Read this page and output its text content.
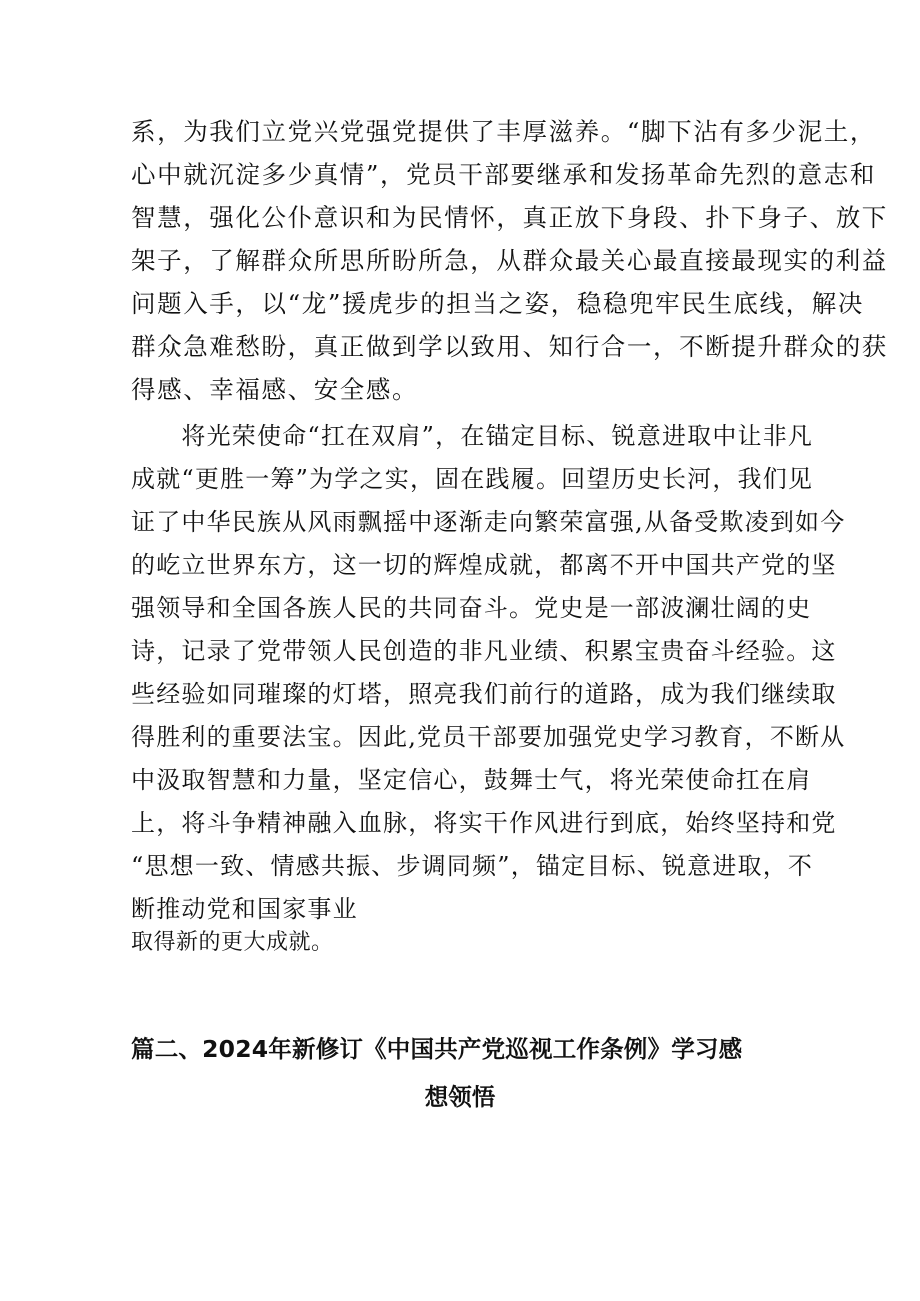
系，为我们立党兴党强党提供了丰厚滋养。“脚下沾有多少泥土，
心中就沉淀多少真情”，党员干部要继承和发扬革命先烈的意志和
智慧，强化公仆意识和为民情怀，真正放下身段、扑下身子、放下
架子，了解群众所思所盼所急，从群众最关心最直接最现实的利益
问题入手，以“龙”援虎步的担当之姿，稳稳兜牢民生底线，解决
群众急难愁盼，真正做到学以致用、知行合一，不断提升群众的获
得感、幸福感、安全感。
　　将光荣使命“扛在双肩”，在锚定目标、锐意进取中让非凡
成就“更胜一筹”为学之实，固在践履。回望历史长河，我们见
证了中华民族从风雨飘摇中逐渐走向繁荣富强,从备受欺凌到如今
的屹立世界东方，这一切的辉煌成就，都离不开中国共产党的坚
强领导和全国各族人民的共同奋斗。党史是一部波澜壮阔的史
诗，记录了党带领人民创造的非凡业绩、积累宝贵奋斗经验。这
些经验如同璀璨的灯塔，照亮我们前行的道路，成为我们继续取
得胜利的重要法宝。因此,党员干部要加强党史学习教育，不断从
中汲取智慧和力量，坚定信心，鼓舞士气，将光荣使命扛在肩
上，将斗争精神融入血脉，将实干作风进行到底，始终坚持和党
“思想一致、情感共振、步调同频”，锚定目标、锐意进取，不
断推动党和国家事业
取得新的更大成就。
篇二、2024年新修订《中国共产党巡视工作条例》学习感
想领悟
